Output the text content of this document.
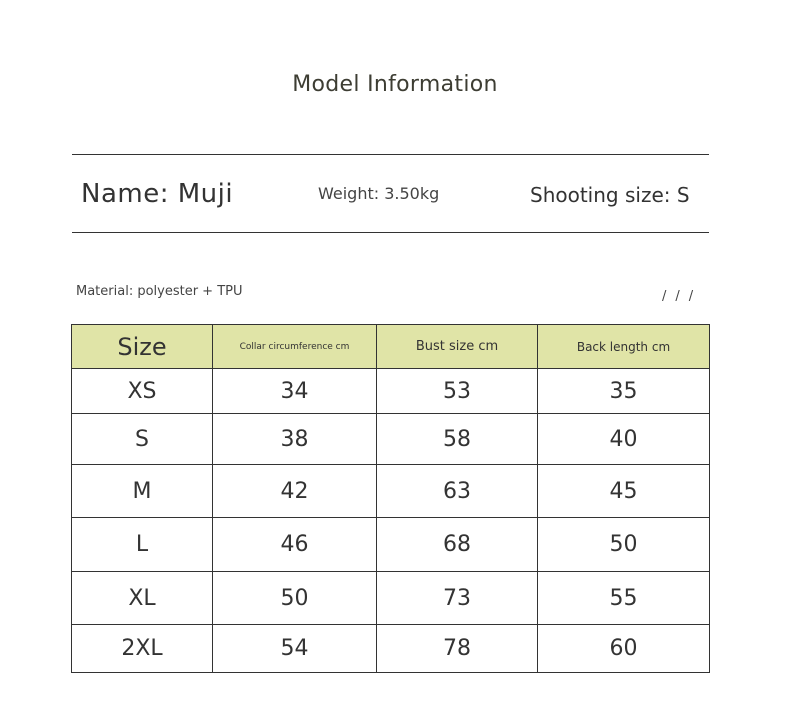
Model Information
Name: Muji	Weight: 3.50kg	Shooting size: S
Material: polyester + TPU	///
Size	Collar circumference cm	Bust size cm	Back length cm
XS	34	53	35
S	38	58	40
M	42	63	45
L	46	68	50
XL	50	73	55
2XL	54	78	60
